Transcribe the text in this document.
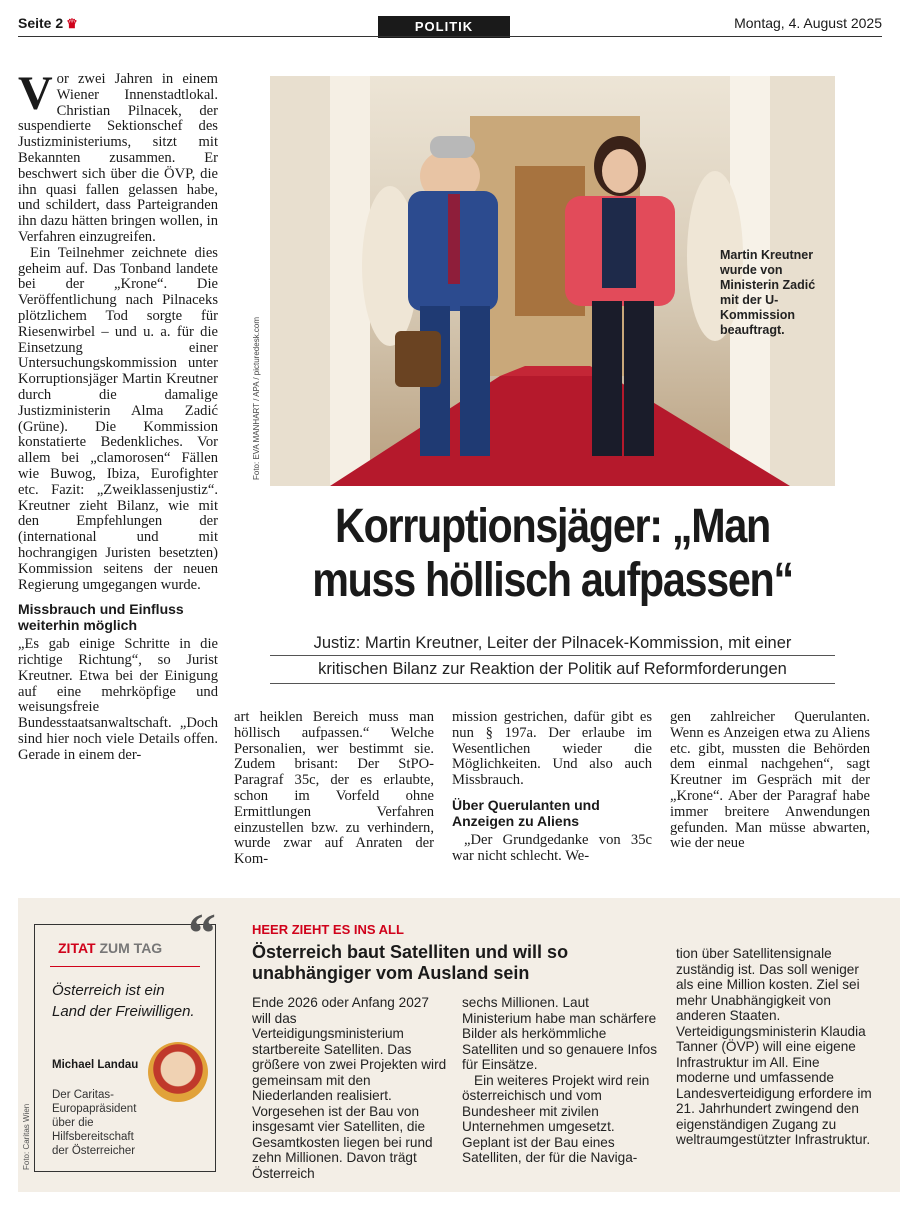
Seite 2 ♛	POLITIK	Montag, 4. August 2025

Vor zwei Jahren in einem Wiener Innenstadtlokal. Christian Pilnacek, der suspendierte Sektionschef des Justizministeriums, sitzt mit Bekannten zusammen. Er beschwert sich über die ÖVP, die ihn quasi fallen gelassen habe, und schildert, dass Parteigranden ihn dazu hätten bringen wollen, in Verfahren einzugreifen.

Ein Teilnehmer zeichnete dies geheim auf. Das Tonband landete bei der „Krone“. Die Veröffentlichung nach Pilnaceks plötzlichem Tod sorgte für Riesenwirbel – und u. a. für die Einsetzung einer Untersuchungskommission unter Korruptionsjäger Martin Kreutner durch die damalige Justizministerin Alma Zadić (Grüne). Die Kommission konstatierte Bedenkliches. Vor allem bei „clamorosen“ Fällen wie Buwog, Ibiza, Eurofighter etc. Fazit: „Zweiklassenjustiz“. Kreutner zieht Bilanz, wie mit den Empfehlungen der (international und mit hochrangigen Juristen besetzten) Kommission seitens der neuen Regierung umgegangen wurde.

Missbrauch und Einfluss weiterhin möglich

„Es gab einige Schritte in die richtige Richtung“, so Jurist Kreutner. Etwa bei der Einigung auf eine mehrköpfige und weisungsfreie Bundesstaatsanwaltschaft. „Doch sind hier noch viele Details offen. Gerade in einem der-

Foto: EVA MANHART / APA / picturedesk.com
Martin Kreutner wurde von Ministerin Zadić mit der U-Kommission beauftragt.
Korruptionsjäger: „Man
muss höllisch aufpassen“
Justiz: Martin Kreutner, Leiter der Pilnacek-Kommission, mit einer
kritischen Bilanz zur Reaktion der Politik auf Reformforderungen

art heiklen Bereich muss man höllisch aufpassen.“ Welche Personalien, wer bestimmt sie. Zudem brisant: Der StPO-Paragraf 35c, der es erlaubte, schon im Vorfeld ohne Ermittlungen Verfahren einzustellen bzw. zu verhindern, wurde zwar auf Anraten der Kom-

mission gestrichen, dafür gibt es nun § 197a. Der erlaube im Wesentlichen wieder die Möglichkeiten. Und also auch Missbrauch.

Über Querulanten und Anzeigen zu Aliens

„Der Grundgedanke von 35c war nicht schlecht. We-

gen zahlreicher Querulanten. Wenn es Anzeigen etwa zu Aliens etc. gibt, mussten die Behörden dem einmal nachgehen“, sagt Kreutner im Gespräch mit der „Krone“. Aber der Paragraf habe immer breitere Anwendungen gefunden. Man müsse abwarten, wie der neue

“
ZITAT ZUM TAG
Österreich ist ein Land der Freiwilligen.
Michael Landau
Der Caritas-Europapräsident über die Hilfsbereitschaft der Österreicher
Foto: Caritas Wien
HEER ZIEHT ES INS ALL
Österreich baut Satelliten und will so unabhängiger vom Ausland sein

Ende 2026 oder Anfang 2027 will das Verteidigungsministerium startbereite Satelliten. Das größere von zwei Projekten wird gemeinsam mit den Niederlanden realisiert. Vorgesehen ist der Bau von insgesamt vier Satelliten, die Gesamtkosten liegen bei rund zehn Millionen. Davon trägt Österreich

sechs Millionen. Laut Ministerium habe man schärfere Bilder als herkömmliche Satelliten und so genauere Infos für Einsätze.

Ein weiteres Projekt wird rein österreichisch und vom Bundesheer mit zivilen Unternehmen umgesetzt. Geplant ist der Bau eines Satelliten, der für die Naviga-

tion über Satellitensignale zuständig ist. Das soll weniger als eine Million kosten. Ziel sei mehr Unabhängigkeit von anderen Staaten. Verteidigungsministerin Klaudia Tanner (ÖVP) will eine eigene Infrastruktur im All. Eine moderne und umfassende Landesverteidigung erfordere im 21. Jahrhundert zwingend den eigenständigen Zugang zu weltraumgestützter Infrastruktur.
